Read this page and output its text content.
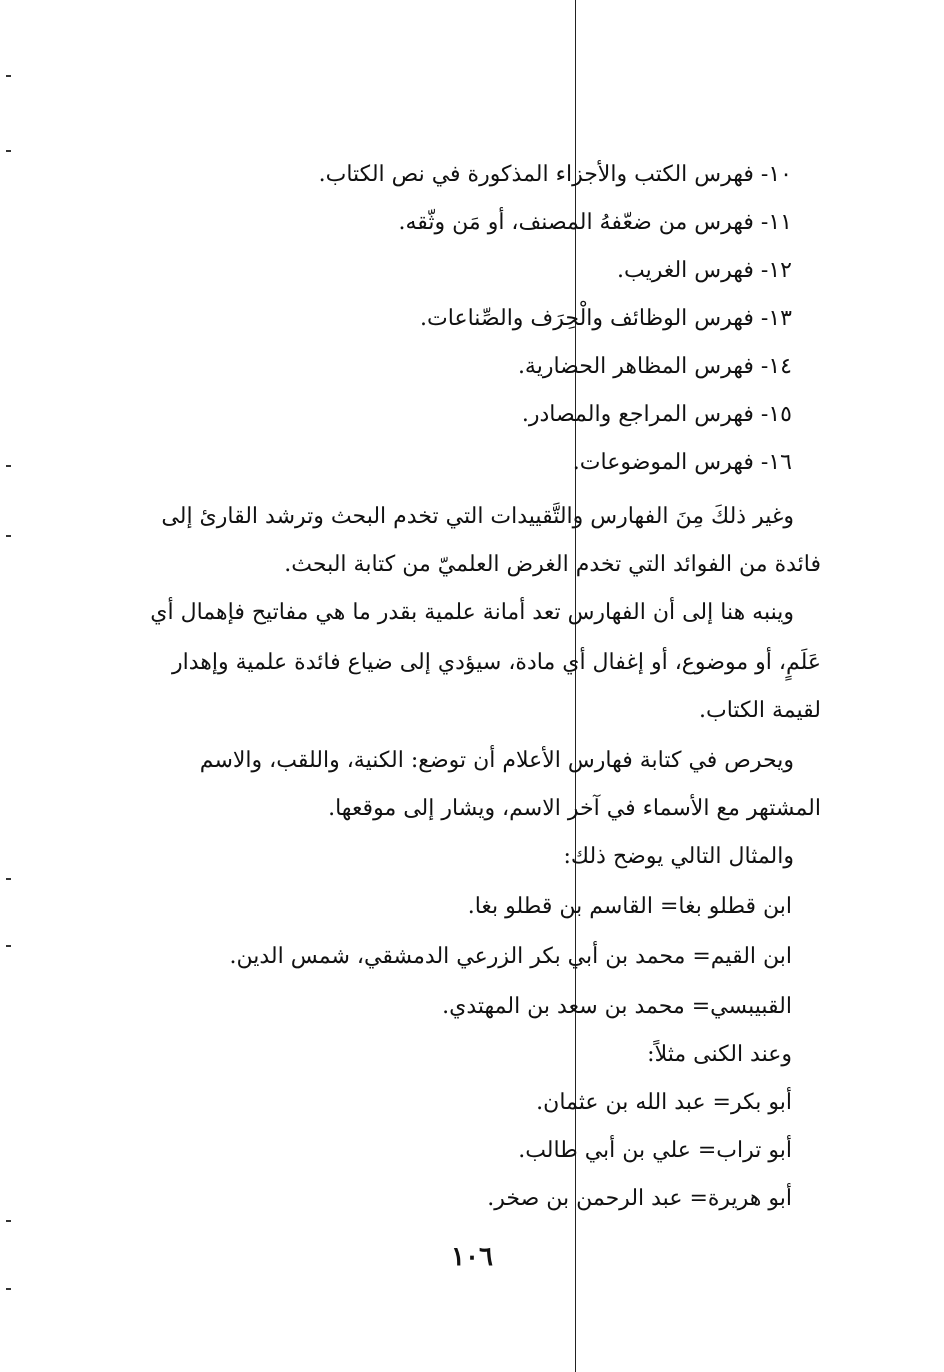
١٠- فهرس الكتب والأجزاء المذكورة في نص الكتاب.
١١- فهرس من ضعّفهُ المصنف، أو مَن وثّقه.
١٢- فهرس الغريب.
١٣- فهرس الوظائف والْحِرَف والصِّناعات.
١٤- فهرس المظاهر الحضارية.
١٥- فهرس المراجع والمصادر.
١٦- فهرس الموضوعات.
وغير ذلكَ مِنَ الفهارس والتَّقييدات التي تخدم البحث وترشد القارئ إلى
فائدة من الفوائد التي تخدم الغرض العلميّ من كتابة البحث.
وينبه هنا إلى أن الفهارس تعد أمانة علمية بقدر ما هي مفاتيح فإهمال أي
عَلَمٍ، أو موضوع، أو إغفال أي مادة، سيؤدي إلى ضياع فائدة علمية وإهدار
لقيمة الكتاب.
ويحرص في كتابة فهارس الأعلام أن توضع: الكنية، واللقب، والاسم
المشتهر مع الأسماء في آخر الاسم، ويشار إلى موقعها.
والمثال التالي يوضح ذلك:
ابن قطلو بغا= القاسم بن قطلو بغا.
ابن القيم= محمد بن أبي بكر الزرعي الدمشقي، شمس الدين.
القبيبسي= محمد بن سعد بن المهتدي.
وعند الكنى مثلاً:
أبو بكر= عبد الله بن عثمان.
أبو تراب= علي بن أبي طالب.
أبو هريرة= عبد الرحمن بن صخر.
١٠٦
